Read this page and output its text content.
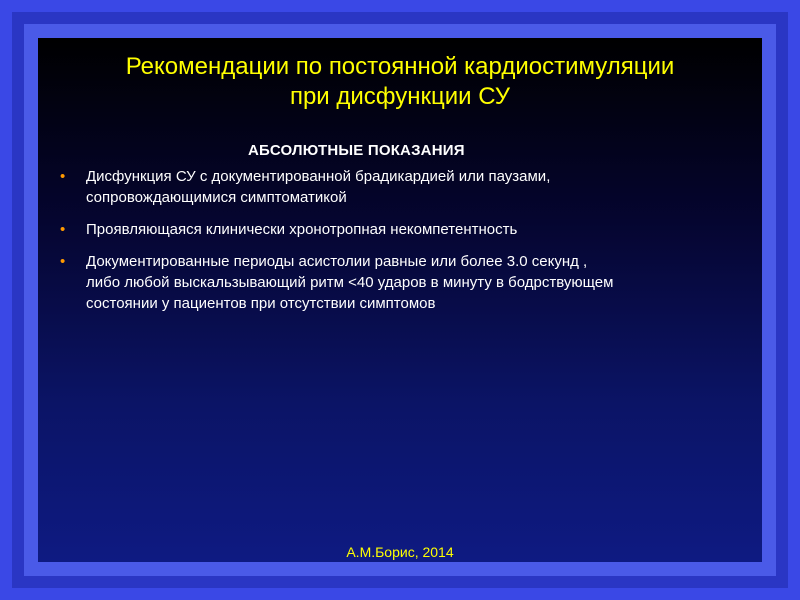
Рекомендации по постоянной кардиостимуляции
при дисфункции СУ
АБСОЛЮТНЫЕ ПОКАЗАНИЯ
• Дисфункция СУ с документированной брадикардией или паузами,
сопровождающимися симптоматикой
• Проявляющаяся клинически хронотропная некомпетентность
• Документированные периоды асистолии равные или более 3.0 секунд ,
либо любой выскальзывающий ритм <40 ударов в минуту в бодрствующем
состоянии у пациентов при отсутствии симптомов
А.М.Борис, 2014
